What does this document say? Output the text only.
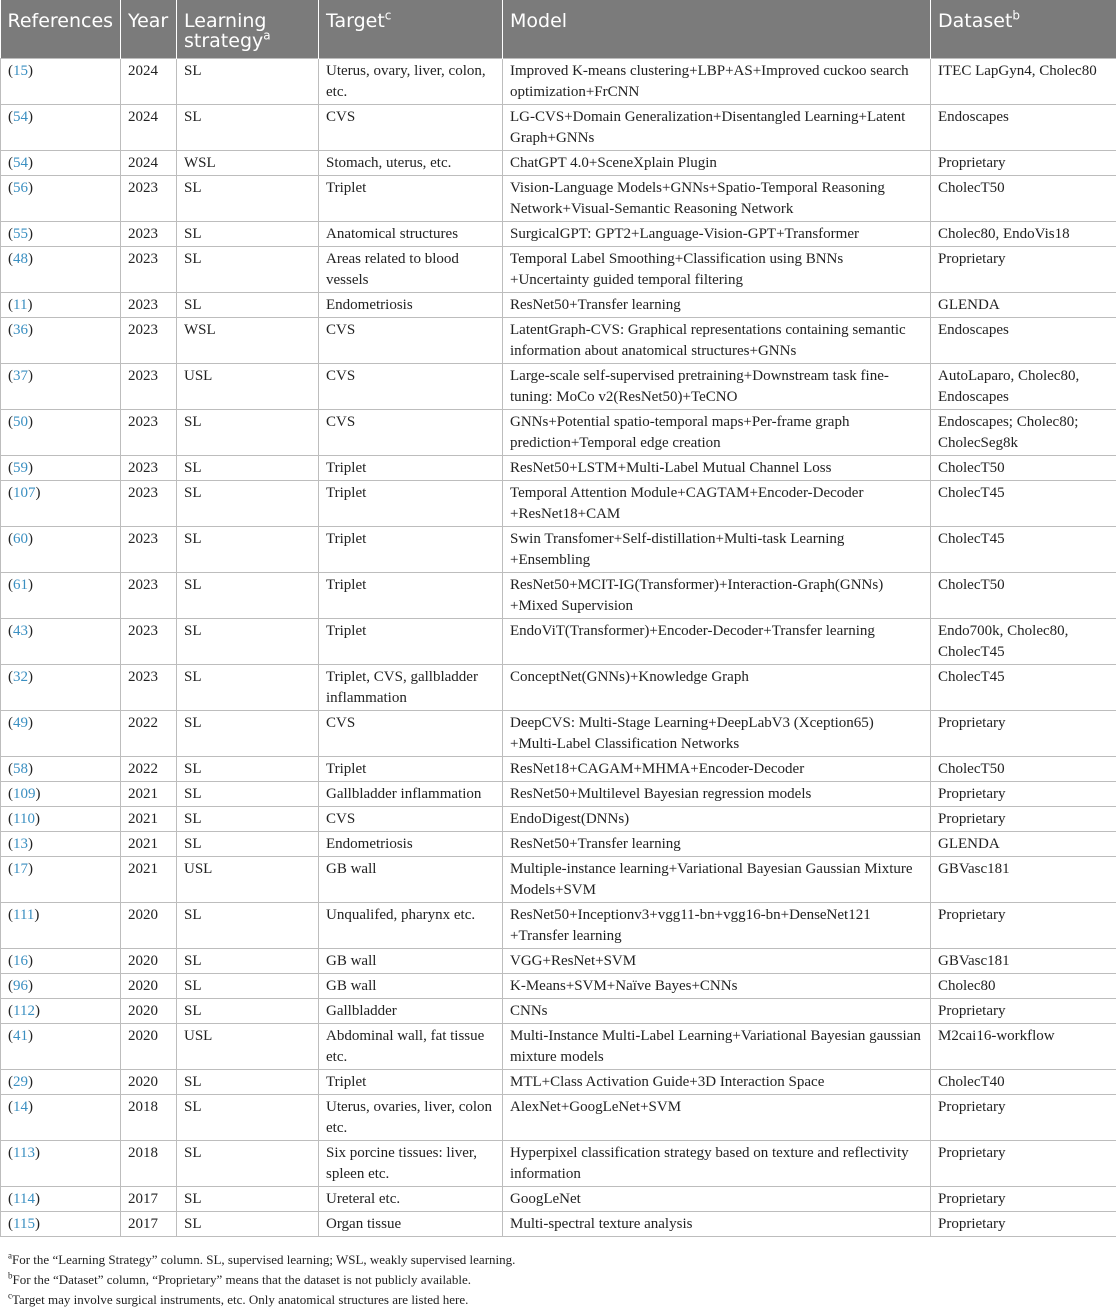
References	Year	Learning strategy$^a$	Target$^c$	Model	Dataset$^b$
(15)	2024	SL	Uterus, ovary, liver, colon, etc.	Improved K-means clustering+LBP+AS+Improved cuckoo search optimization+FrCNN	ITEC LapGyn4, Cholec80
(54)	2024	SL	CVS	LG-CVS+Domain Generalization+Disentangled Learning+Latent Graph+GNNs	Endoscapes
(54)	2024	WSL	Stomach, uterus, etc.	ChatGPT 4.0+SceneXplain Plugin	Proprietary
(56)	2023	SL	Triplet	Vision-Language Models+GNNs+Spatio-Temporal Reasoning Network+Visual-Semantic Reasoning Network	CholecT50
(55)	2023	SL	Anatomical structures	SurgicalGPT: GPT2+Language-Vision-GPT+Transformer	Cholec80, EndoVis18
(48)	2023	SL	Areas related to blood vessels	Temporal Label Smoothing+Classification using BNNs +Uncertainty guided temporal filtering	Proprietary
(11)	2023	SL	Endometriosis	ResNet50+Transfer learning	GLENDA
(36)	2023	WSL	CVS	LatentGraph-CVS: Graphical representations containing semantic information about anatomical structures+GNNs	Endoscapes
(37)	2023	USL	CVS	Large-scale self-supervised pretraining+Downstream task fine-tuning: MoCo v2(ResNet50)+TeCNO	AutoLaparo, Cholec80, Endoscapes
(50)	2023	SL	CVS	GNNs+Potential spatio-temporal maps+Per-frame graph prediction+Temporal edge creation	Endoscapes; Cholec80; CholecSeg8k
(59)	2023	SL	Triplet	ResNet50+LSTM+Multi-Label Mutual Channel Loss	CholecT50
(107)	2023	SL	Triplet	Temporal Attention Module+CAGTAM+Encoder-Decoder +ResNet18+CAM	CholecT45
(60)	2023	SL	Triplet	Swin Transfomer+Self-distillation+Multi-task Learning +Ensembling	CholecT45
(61)	2023	SL	Triplet	ResNet50+MCIT-IG(Transformer)+Interaction-Graph(GNNs) +Mixed Supervision	CholecT50
(43)	2023	SL	Triplet	EndoViT(Transformer)+Encoder-Decoder+Transfer learning	Endo700k, Cholec80, CholecT45
(32)	2023	SL	Triplet, CVS, gallbladder inflammation	ConceptNet(GNNs)+Knowledge Graph	CholecT45
(49)	2022	SL	CVS	DeepCVS: Multi-Stage Learning+DeepLabV3 (Xception65) +Multi-Label Classification Networks	Proprietary
(58)	2022	SL	Triplet	ResNet18+CAGAM+MHMA+Encoder-Decoder	CholecT50
(109)	2021	SL	Gallbladder inflammation	ResNet50+Multilevel Bayesian regression models	Proprietary
(110)	2021	SL	CVS	EndoDigest(DNNs)	Proprietary
(13)	2021	SL	Endometriosis	ResNet50+Transfer learning	GLENDA
(17)	2021	USL	GB wall	Multiple-instance learning+Variational Bayesian Gaussian Mixture Models+SVM	GBVasc181
(111)	2020	SL	Unqualifed, pharynx etc.	ResNet50+Inceptionv3+vgg11-bn+vgg16-bn+DenseNet121 +Transfer learning	Proprietary
(16)	2020	SL	GB wall	VGG+ResNet+SVM	GBVasc181
(96)	2020	SL	GB wall	K-Means+SVM+Naïve Bayes+CNNs	Cholec80
(112)	2020	SL	Gallbladder	CNNs	Proprietary
(41)	2020	USL	Abdominal wall, fat tissue etc.	Multi-Instance Multi-Label Learning+Variational Bayesian gaussian mixture models	M2cai16-workflow
(29)	2020	SL	Triplet	MTL+Class Activation Guide+3D Interaction Space	CholecT40
(14)	2018	SL	Uterus, ovaries, liver, colon etc.	AlexNet+GoogLeNet+SVM	Proprietary
(113)	2018	SL	Six porcine tissues: liver, spleen etc.	Hyperpixel classification strategy based on texture and reflectivity information	Proprietary
(114)	2017	SL	Ureteral etc.	GoogLeNet	Proprietary
(115)	2017	SL	Organ tissue	Multi-spectral texture analysis	Proprietary
$^a$For the “Learning Strategy” column. SL, supervised learning; WSL, weakly supervised learning.
$^b$For the “Dataset” column, “Proprietary” means that the dataset is not publicly available.
$^c$Target may involve surgical instruments, etc. Only anatomical structures are listed here.
